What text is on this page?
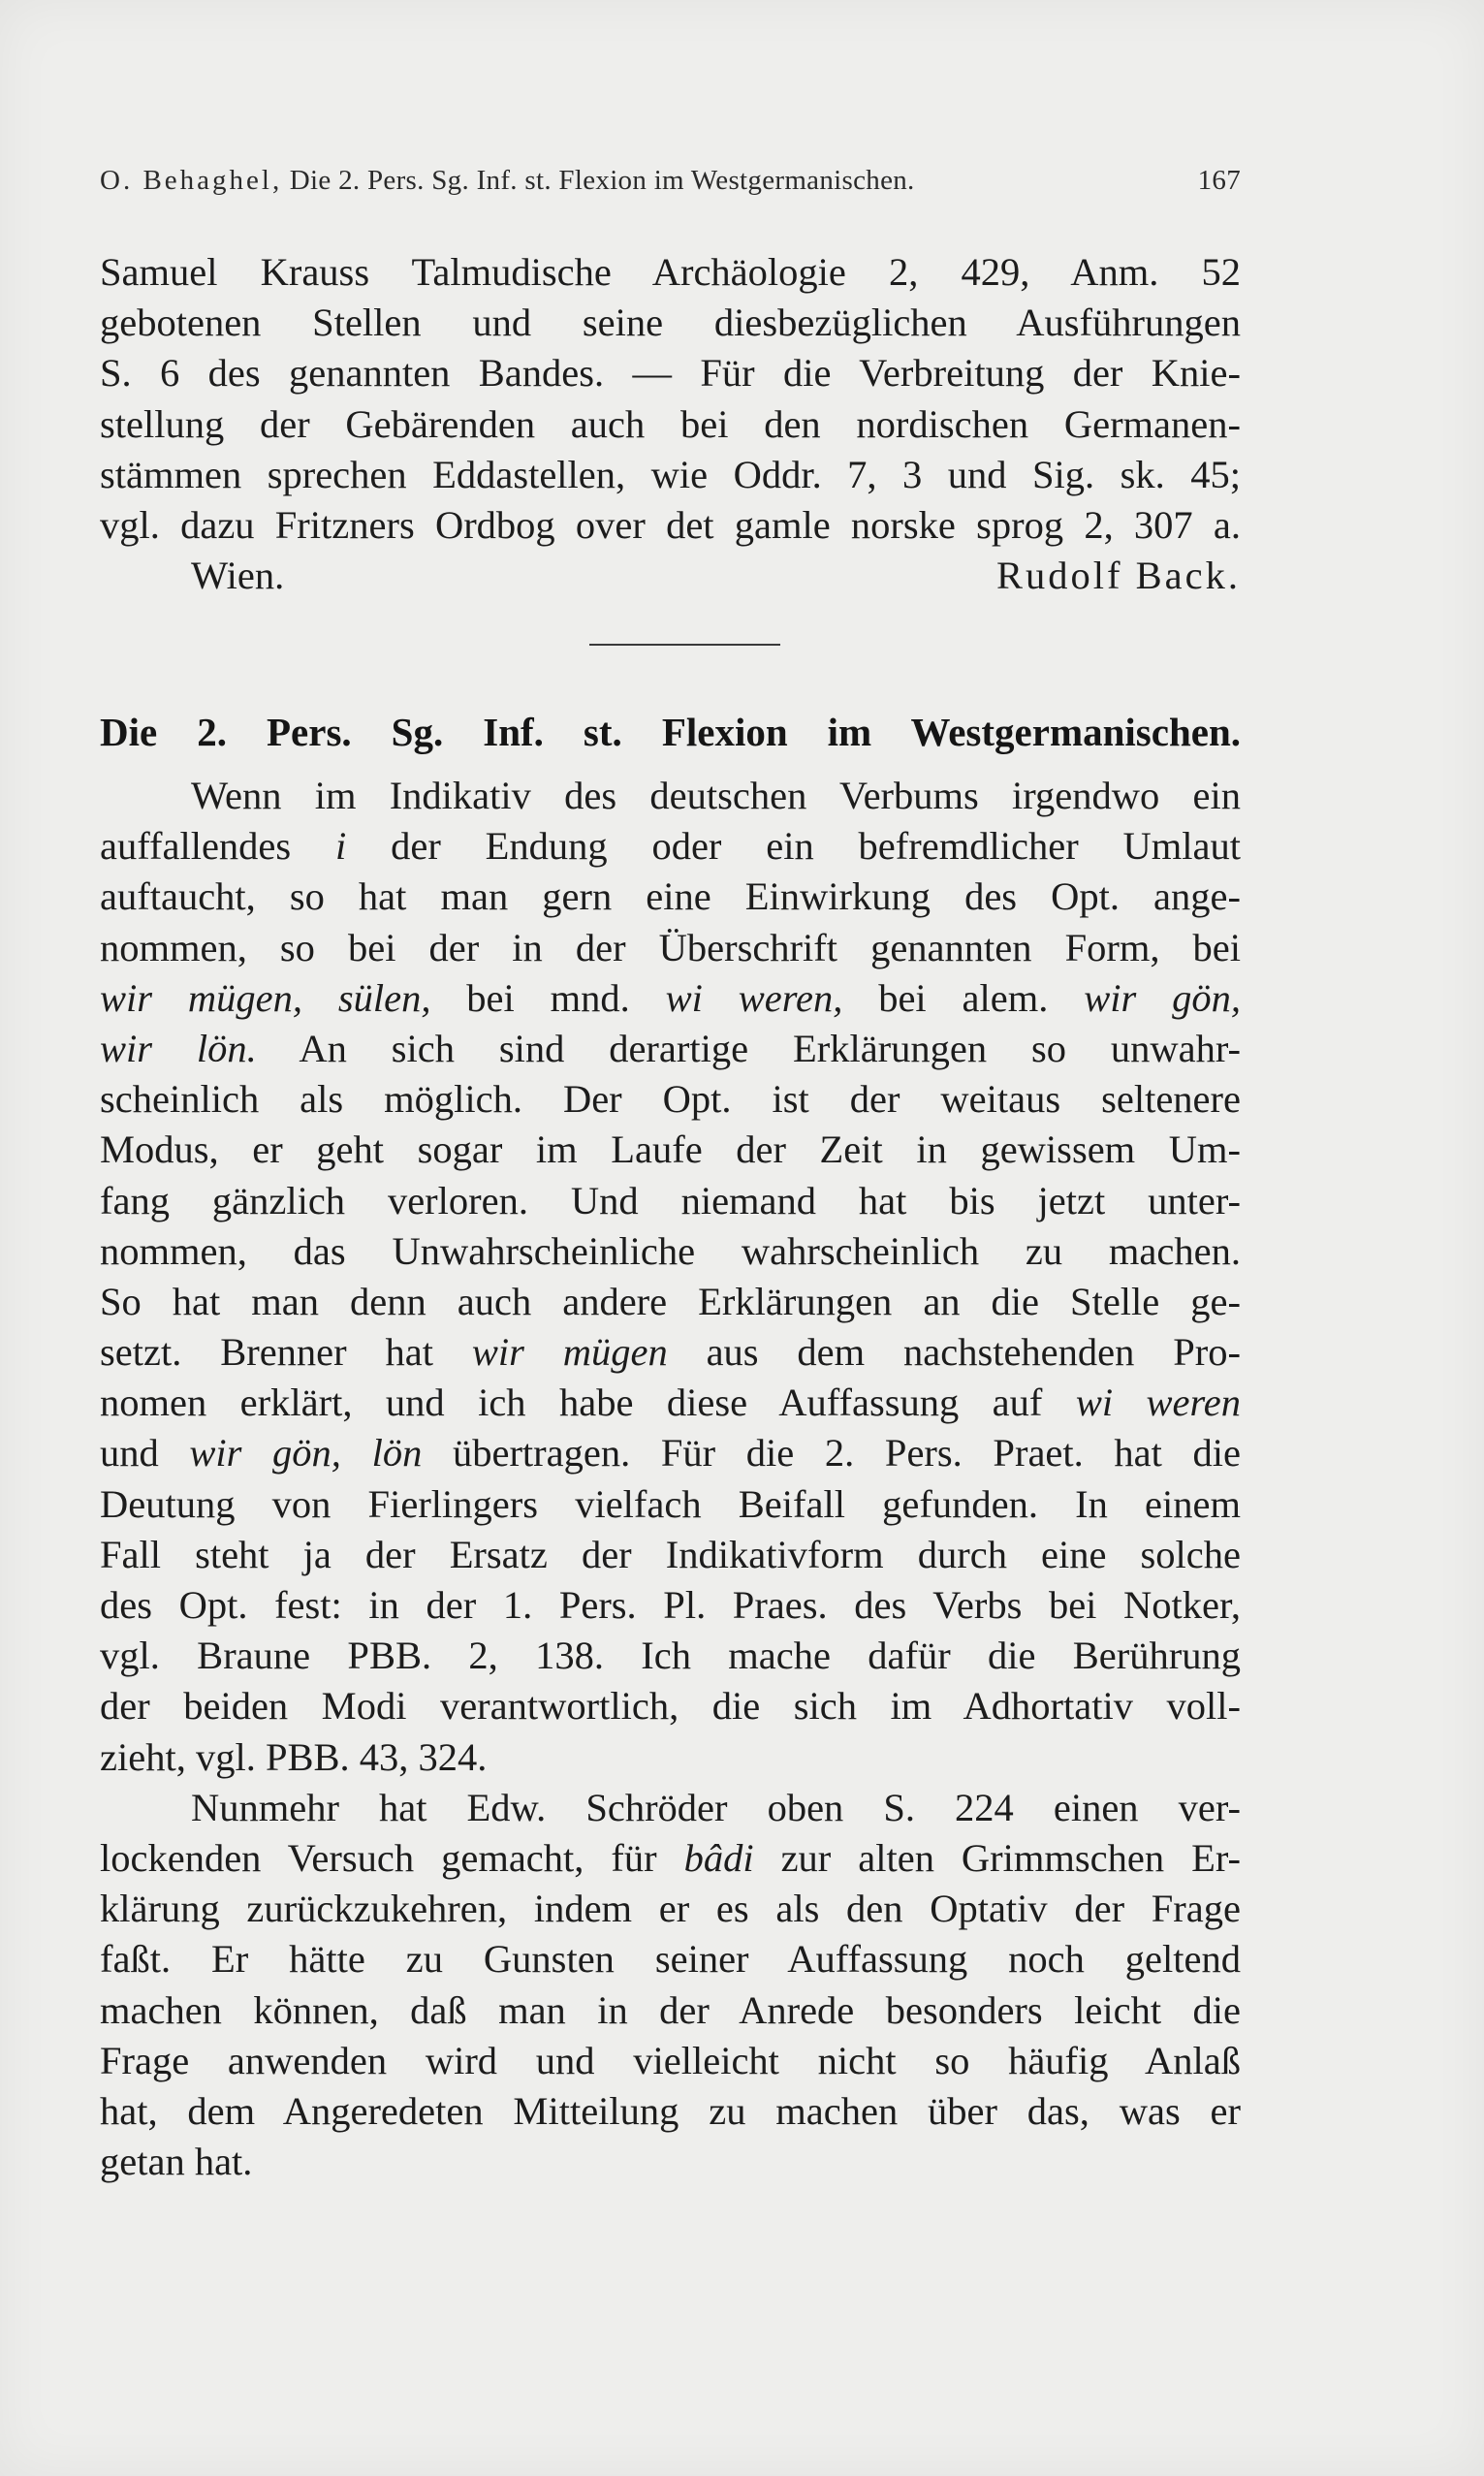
O. Behaghel, Die 2. Pers. Sg. Inf. st. Flexion im Westgermanischen.	167
Samuel Krauss Talmudische Archäologie 2, 429, Anm. 52
gebotenen Stellen und seine diesbezüglichen Ausführungen
S. 6 des genannten Bandes. — Für die Verbreitung der Knie-
stellung der Gebärenden auch bei den nordischen Germanen-
stämmen sprechen Eddastellen, wie Oddr. 7, 3 und Sig. sk. 45;
vgl. dazu Fritzners Ordbog over det gamle norske sprog 2, 307 a.
Wien.	Rudolf Back.
Die 2. Pers. Sg. Inf. st. Flexion im Westgermanischen.
Wenn im Indikativ des deutschen Verbums irgendwo ein
auffallendes i der Endung oder ein befremdlicher Umlaut
auftaucht, so hat man gern eine Einwirkung des Opt. ange-
nommen, so bei der in der Überschrift genannten Form, bei
wir mügen, sülen, bei mnd. wi weren, bei alem. wir gön,
wir lön. An sich sind derartige Erklärungen so unwahr-
scheinlich als möglich. Der Opt. ist der weitaus seltenere
Modus, er geht sogar im Laufe der Zeit in gewissem Um-
fang gänzlich verloren. Und niemand hat bis jetzt unter-
nommen, das Unwahrscheinliche wahrscheinlich zu machen.
So hat man denn auch andere Erklärungen an die Stelle ge-
setzt. Brenner hat wir mügen aus dem nachstehenden Pro-
nomen erklärt, und ich habe diese Auffassung auf wi weren
und wir gön, lön übertragen. Für die 2. Pers. Praet. hat die
Deutung von Fierlingers vielfach Beifall gefunden. In einem
Fall steht ja der Ersatz der Indikativform durch eine solche
des Opt. fest: in der 1. Pers. Pl. Praes. des Verbs bei Notker,
vgl. Braune PBB. 2, 138. Ich mache dafür die Berührung
der beiden Modi verantwortlich, die sich im Adhortativ voll-
zieht, vgl. PBB. 43, 324.
Nunmehr hat Edw. Schröder oben S. 224 einen ver-
lockenden Versuch gemacht, für bâdi zur alten Grimmschen Er-
klärung zurückzukehren, indem er es als den Optativ der Frage
faßt. Er hätte zu Gunsten seiner Auffassung noch geltend
machen können, daß man in der Anrede besonders leicht die
Frage anwenden wird und vielleicht nicht so häufig Anlaß
hat, dem Angeredeten Mitteilung zu machen über das, was er
getan hat.
